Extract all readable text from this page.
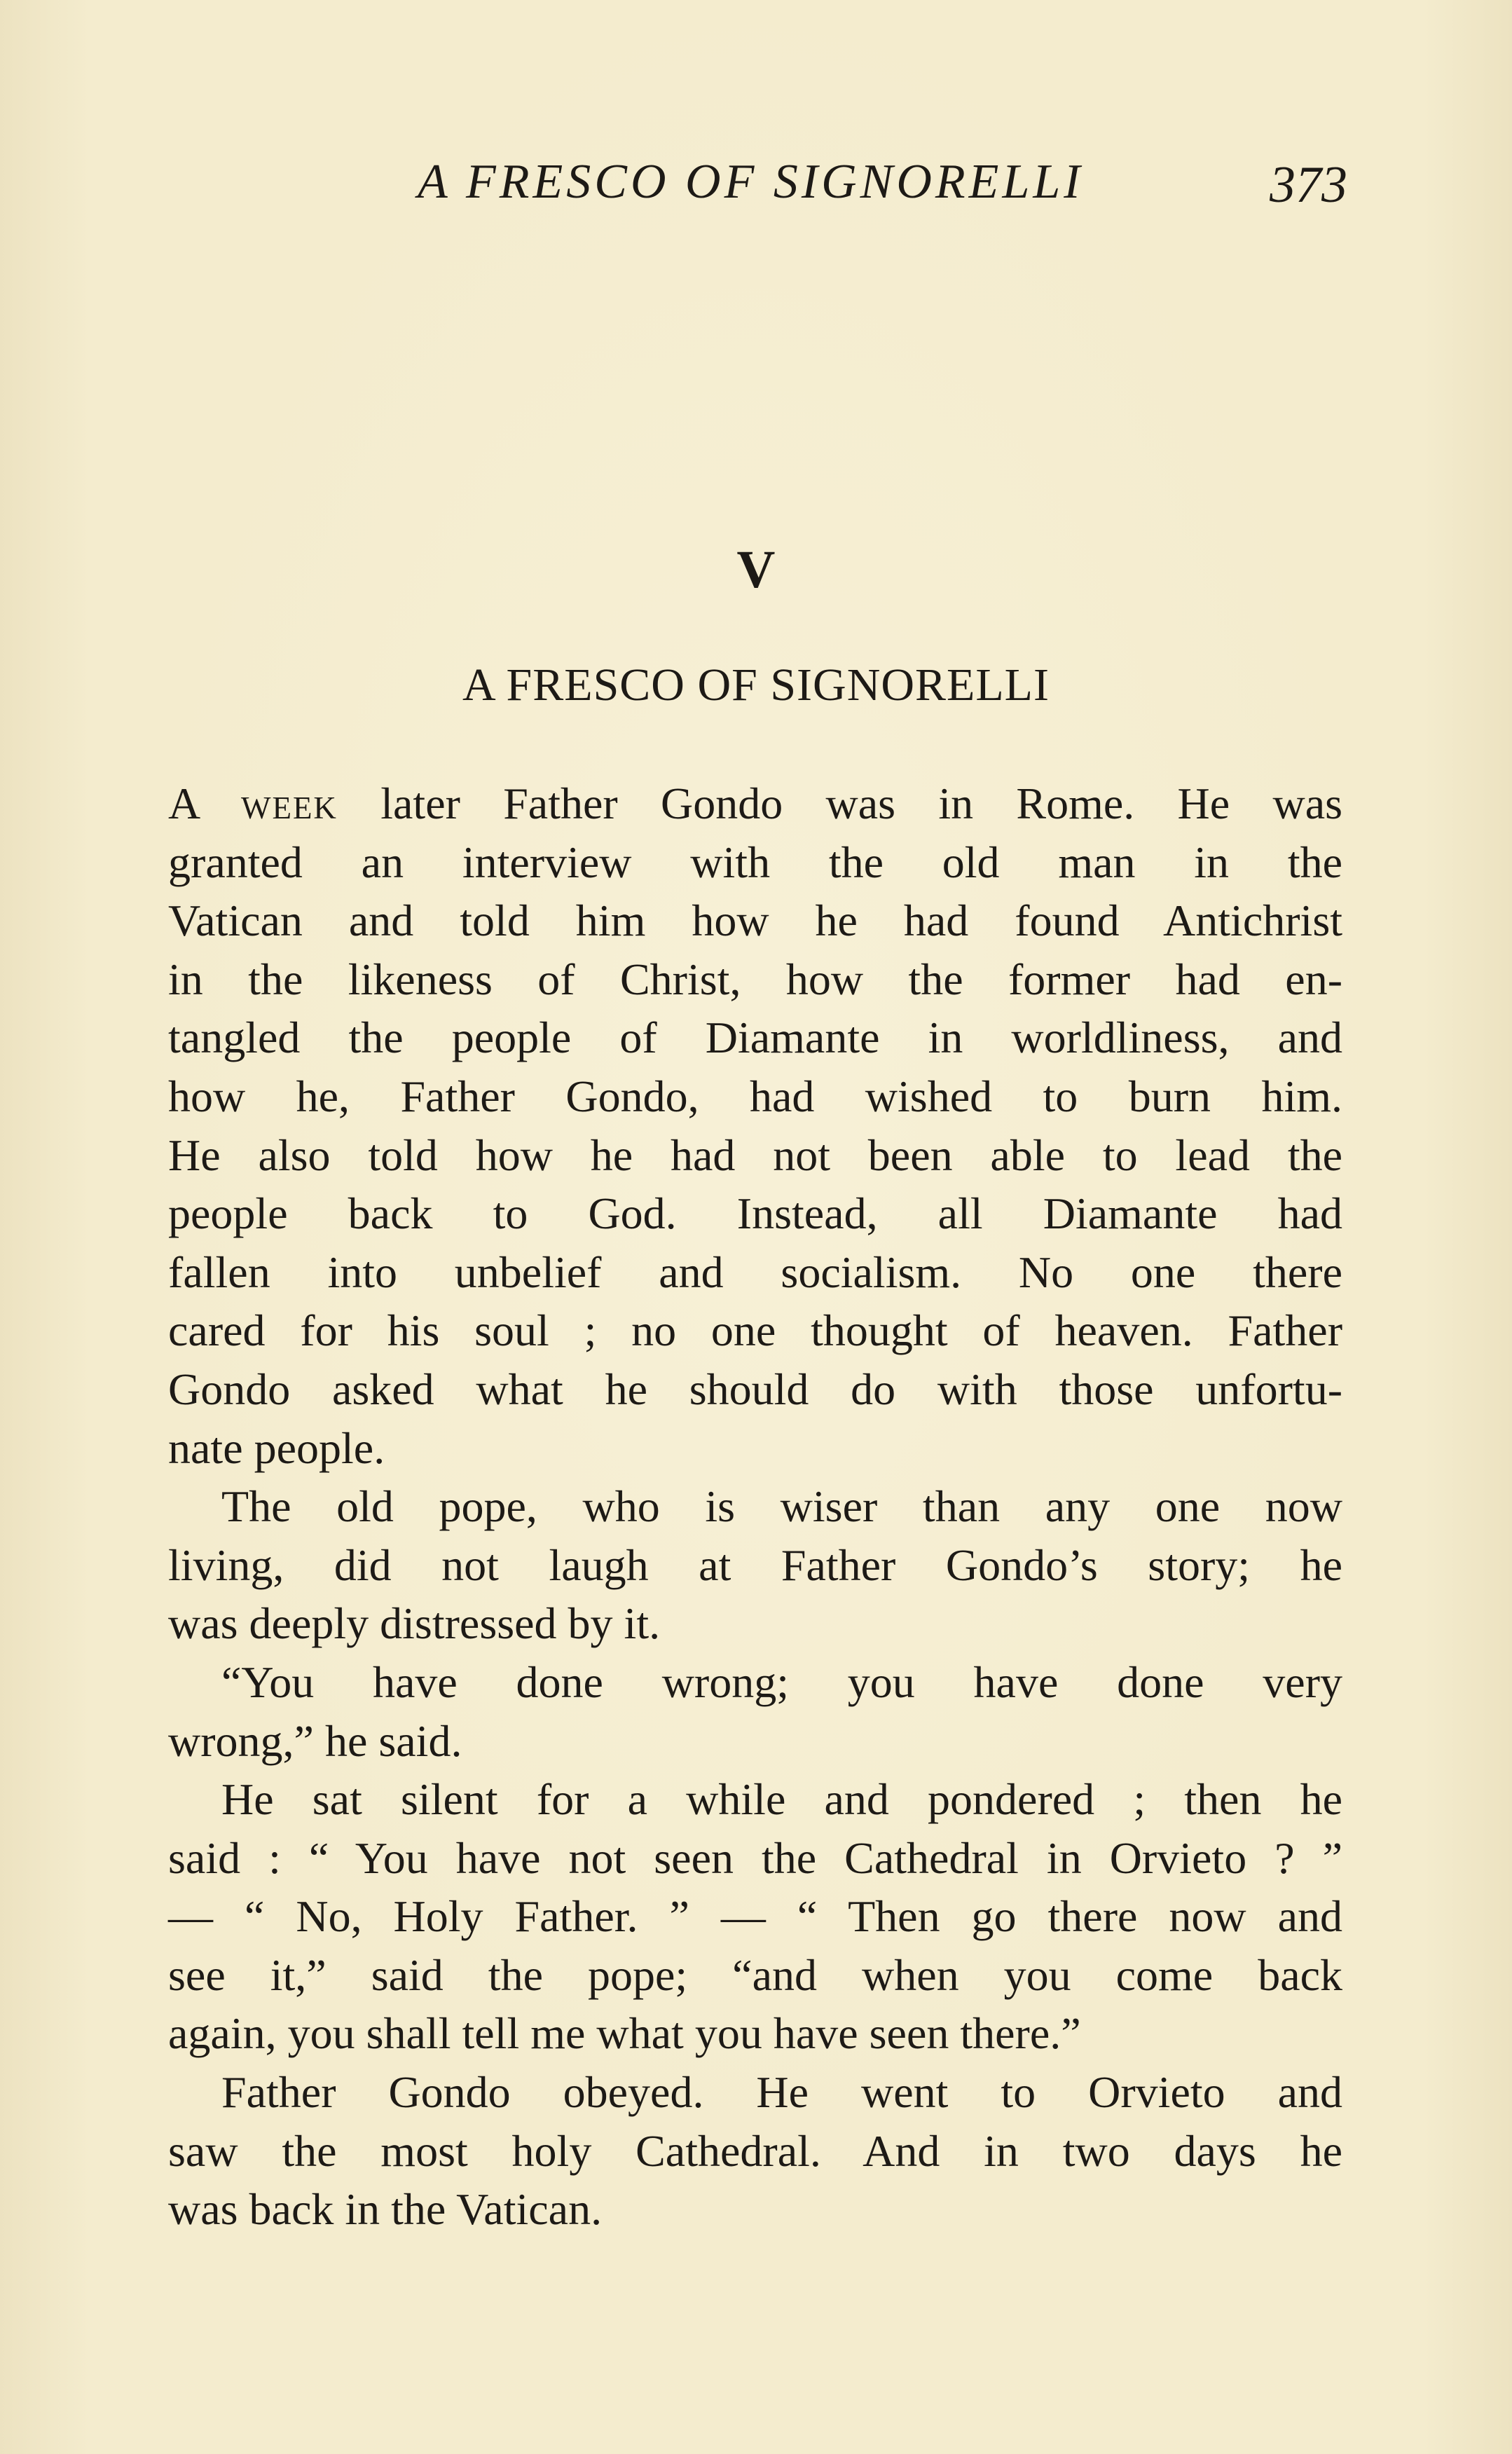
A FRESCO OF SIGNORELLI	373
V
A FRESCO OF SIGNORELLI
A week later Father Gondo was in Rome. He was
granted an interview with the old man in the
Vatican and told him how he had found Antichrist
in the likeness of Christ, how the former had en-
tangled the people of Diamante in worldliness, and
how he, Father Gondo, had wished to burn him.
He also told how he had not been able to lead the
people back to God. Instead, all Diamante had
fallen into unbelief and socialism. No one there
cared for his soul ; no one thought of heaven. Father
Gondo asked what he should do with those unfortu-
nate people.
The old pope, who is wiser than any one now
living, did not laugh at Father Gondo’s story; he
was deeply distressed by it.
“You have done wrong; you have done very
wrong,” he said.
He sat silent for a while and pondered ; then he
said : “ You have not seen the Cathedral in Orvieto ? ”
— “ No, Holy Father. ” — “ Then go there now and
see it,” said the pope; “and when you come back
again, you shall tell me what you have seen there.”
Father Gondo obeyed. He went to Orvieto and
saw the most holy Cathedral. And in two days he
was back in the Vatican.
